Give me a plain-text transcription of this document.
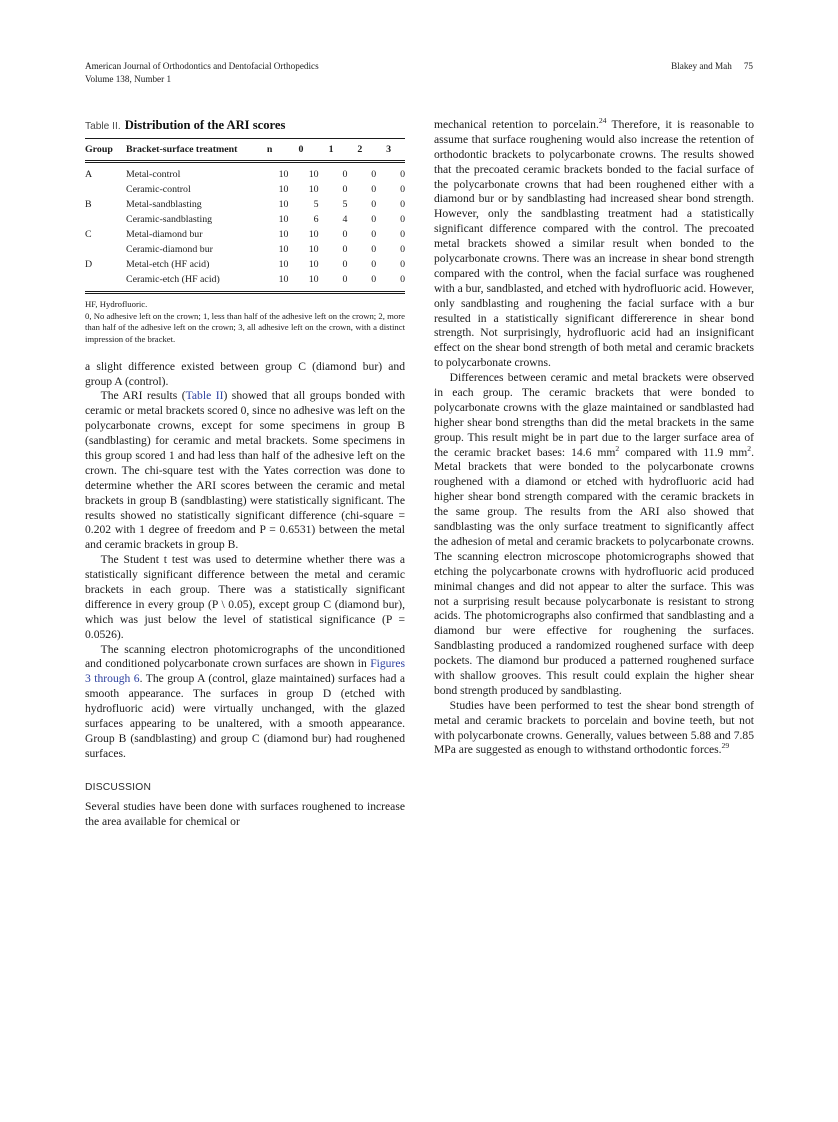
American Journal of Orthodontics and Dentofacial Orthopedics
Volume 138, Number 1
Blakey and Mah 75
Table II. Distribution of the ARI scores
Group	Bracket-surface treatment	n	0	1	2	3
A	Metal-control	10	10	0	0	0
	Ceramic-control	10	10	0	0	0
B	Metal-sandblasting	10	5	5	0	0
	Ceramic-sandblasting	10	6	4	0	0
C	Metal-diamond bur	10	10	0	0	0
	Ceramic-diamond bur	10	10	0	0	0
D	Metal-etch (HF acid)	10	10	0	0	0
	Ceramic-etch (HF acid)	10	10	0	0	0

HF, Hydrofluoric.

0, No adhesive left on the crown; 1, less than half of the adhesive left on the crown; 2, more than half of the adhesive left on the crown; 3, all adhesive left on the crown, with a distinct impression of the bracket.

a slight difference existed between group C (diamond bur) and group A (control).

The ARI results (Table II) showed that all groups bonded with ceramic or metal brackets scored 0, since no adhesive was left on the polycarbonate crowns, except for some specimens in group B (sandblasting) for ceramic and metal brackets. Some specimens in this group scored 1 and had less than half of the adhesive left on the crown. The chi-square test with the Yates correction was done to determine whether the ARI scores between the ceramic and metal brackets in group B (sandblasting) were statistically significant. The results showed no statistically significant difference (chi-square = 0.202 with 1 degree of freedom and P = 0.6531) between the metal and ceramic brackets in group B.

The Student t test was used to determine whether there was a statistically significant difference between the metal and ceramic brackets in each group. There was a statistically significant difference in every group (P \ 0.05), except group C (diamond bur), which was just below the level of statistical significance (P = 0.0526).

The scanning electron photomicrographs of the unconditioned and conditioned polycarbonate crown surfaces are shown in Figures 3 through 6. The group A (control, glaze maintained) surfaces had a smooth appearance. The surfaces in group D (etched with hydrofluoric acid) were virtually unchanged, with the glazed surfaces appearing to be unaltered, with a smooth appearance. Group B (sandblasting) and group C (diamond bur) had roughened surfaces.

DISCUSSION

Several studies have been done with surfaces roughened to increase the area available for chemical or

mechanical retention to porcelain.$^{24}$ Therefore, it is reasonable to assume that surface roughening would also increase the retention of orthodontic brackets to polycarbonate crowns. The results showed that the precoated ceramic brackets bonded to the facial surface of the polycarbonate crowns that had been roughened either with a diamond bur or by sandblasting had increased shear bond strength. However, only the sandblasting treatment had a statistically significant difference compared with the control. The precoated metal brackets showed a similar result when bonded to the polycarbonate crowns. There was an increase in shear bond strength compared with the control, when the facial surface was roughened with a bur, sandblasted, and etched with hydrofluoric acid. However, only sandblasting and roughening the facial surface with a bur resulted in a statistically significant differerence in shear bond strength. Not surprisingly, hydrofluoric acid had an insignificant effect on the shear bond strength of both metal and ceramic brackets to polycarbonate crowns.

Differences between ceramic and metal brackets were observed in each group. The ceramic brackets that were bonded to polycarbonate crowns with the glaze maintained or sandblasted had higher shear bond strengths than did the metal brackets in the same group. This result might be in part due to the larger surface area of the ceramic bracket bases: 14.6 mm$^2$ compared with 11.9 mm$^2$. Metal brackets that were bonded to the polycarbonate crowns roughened with a diamond or etched with hydrofluoric acid had higher shear bond strength compared with the ceramic brackets in the same group. The results from the ARI also showed that sandblasting was the only surface treatment to significantly affect the adhesion of metal and ceramic brackets to polycarbonate crowns. The scanning electron microscope photomicrographs showed that etching the polycarbonate crowns with hydrofluoric acid produced minimal changes and did not appear to alter the surface. This was not a surprising result because polycarbonate is resistant to strong acids. The photomicrographs also confirmed that sandblasting and a diamond bur were effective for roughening the surfaces. Sandblasting produced a randomized roughened surface with deep pockets. The diamond bur produced a patterned roughened surface with shallow grooves. This result could explain the higher shear bond strength produced by sandblasting.

Studies have been performed to test the shear bond strength of metal and ceramic brackets to porcelain and bovine teeth, but not with polycarbonate crowns. Generally, values between 5.88 and 7.85 MPa are suggested as enough to withstand orthodontic forces.$^{29}$
